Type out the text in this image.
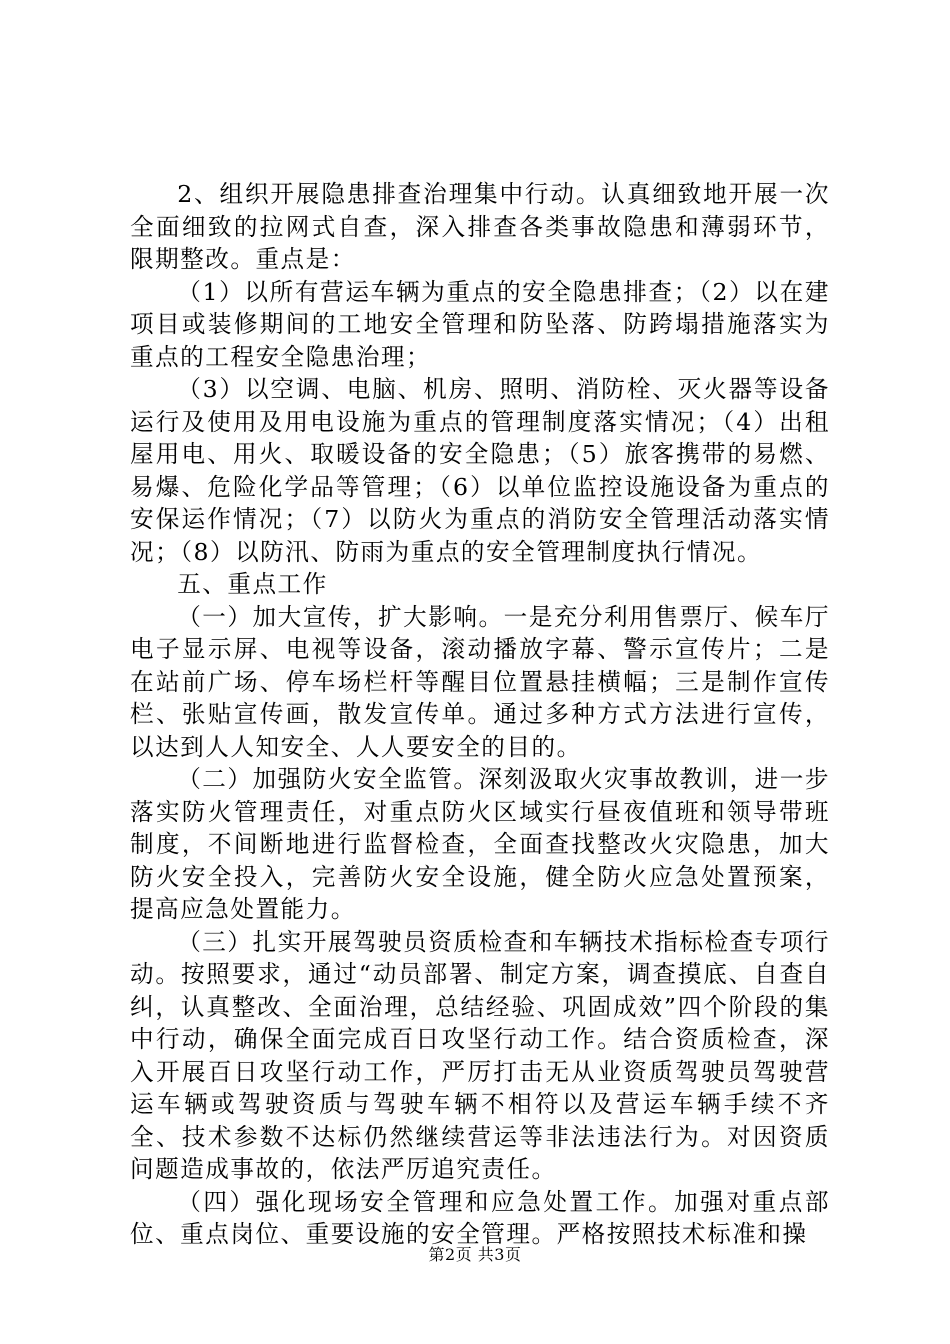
2、组织开展隐患排查治理集中行动。认真细致地开展一次全面细致的拉网式自查，深入排查各类事故隐患和薄弱环节，限期整改。重点是：

（1）以所有营运车辆为重点的安全隐患排查；（2）以在建项目或装修期间的工地安全管理和防坠落、防跨塌措施落实为重点的工程安全隐患治理；

（3）以空调、电脑、机房、照明、消防栓、灭火器等设备运行及使用及用电设施为重点的管理制度落实情况；（4）出租屋用电、用火、取暖设备的安全隐患；（5）旅客携带的易燃、易爆、危险化学品等管理；（6）以单位监控设施设备为重点的安保运作情况；（7）以防火为重点的消防安全管理活动落实情况；（8）以防汛、防雨为重点的安全管理制度执行情况。

五、重点工作

（一）加大宣传，扩大影响。一是充分利用售票厅、候车厅电子显示屏、电视等设备，滚动播放字幕、警示宣传片；二是在站前广场、停车场栏杆等醒目位置悬挂横幅；三是制作宣传栏、张贴宣传画，散发宣传单。通过多种方式方法进行宣传，以达到人人知安全、人人要安全的目的。

（二）加强防火安全监管。深刻汲取火灾事故教训，进一步落实防火管理责任，对重点防火区域实行昼夜值班和领导带班制度，不间断地进行监督检查，全面查找整改火灾隐患，加大防火安全投入，完善防火安全设施，健全防火应急处置预案，提高应急处置能力。

（三）扎实开展驾驶员资质检查和车辆技术指标检查专项行动。按照要求，通过“动员部署、制定方案，调查摸底、自查自纠，认真整改、全面治理，总结经验、巩固成效”四个阶段的集中行动，确保全面完成百日攻坚行动工作。结合资质检查，深入开展百日攻坚行动工作，严厉打击无从业资质驾驶员驾驶营运车辆或驾驶资质与驾驶车辆不相符以及营运车辆手续不齐全、技术参数不达标仍然继续营运等非法违法行为。对因资质问题造成事故的，依法严厉追究责任。

（四）强化现场安全管理和应急处置工作。加强对重点部位、重点岗位、重要设施的安全管理。严格按照技术标准和操

第2页 共3页
